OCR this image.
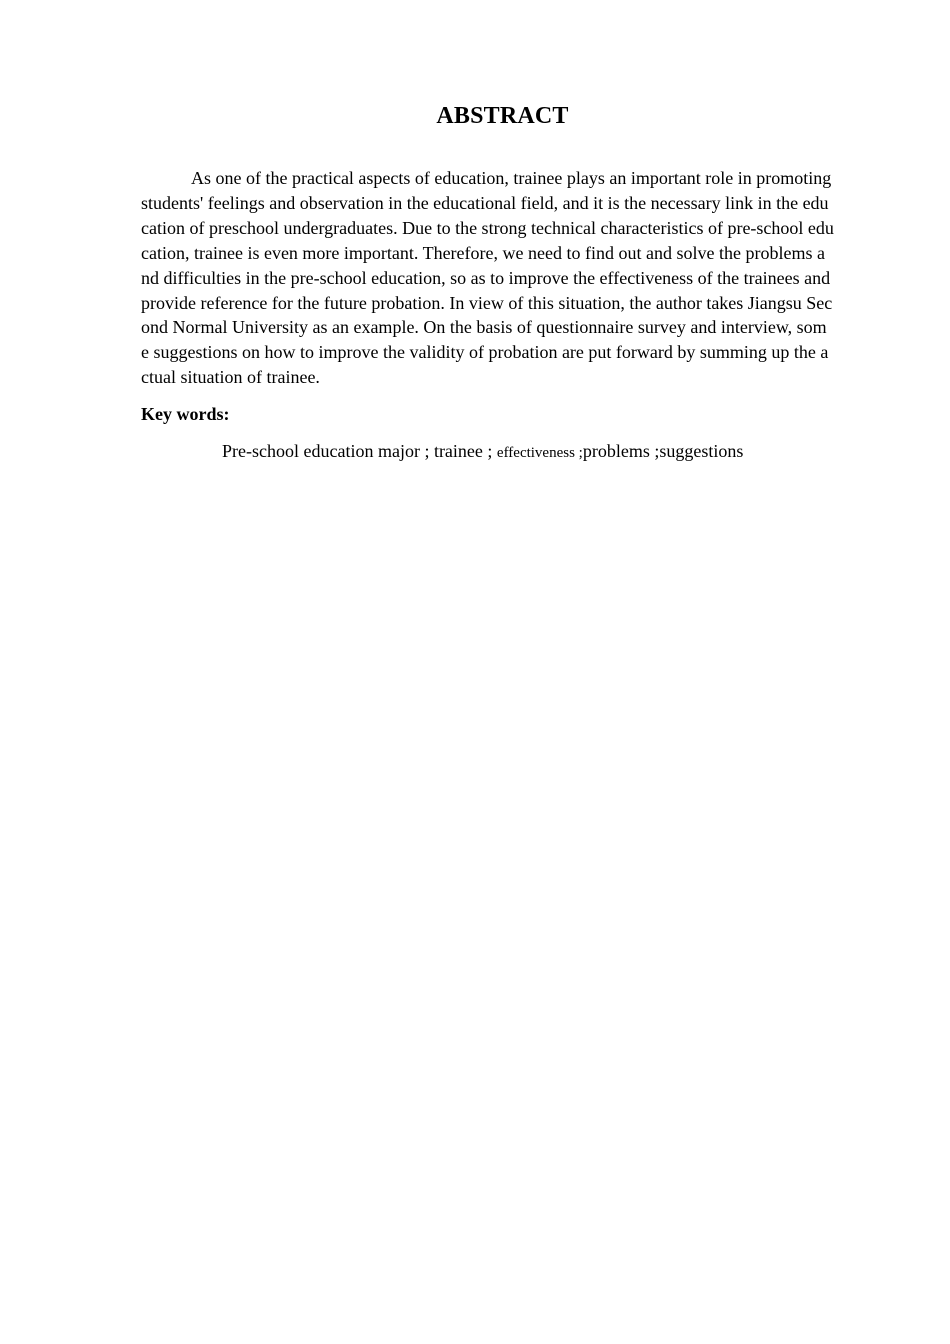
ABSTRACT
As one of the practical aspects of education, trainee plays an important role in promoting
students' feelings and observation in the educational field, and it is the necessary link in the edu
cation of preschool undergraduates. Due to the strong technical characteristics of pre-school edu
cation, trainee is even more important. Therefore, we need to find out and solve the problems a
nd difficulties in the pre-school education, so as to improve the effectiveness of the trainees and
provide reference for the future probation. In view of this situation, the author takes Jiangsu Sec
ond Normal University as an example. On the basis of questionnaire survey and interview, som
e suggestions on how to improve the validity of probation are put forward by summing up the a
ctual situation of trainee.
Key words:
Pre-school education major ; trainee ; effectiveness ;problems ;suggestions
